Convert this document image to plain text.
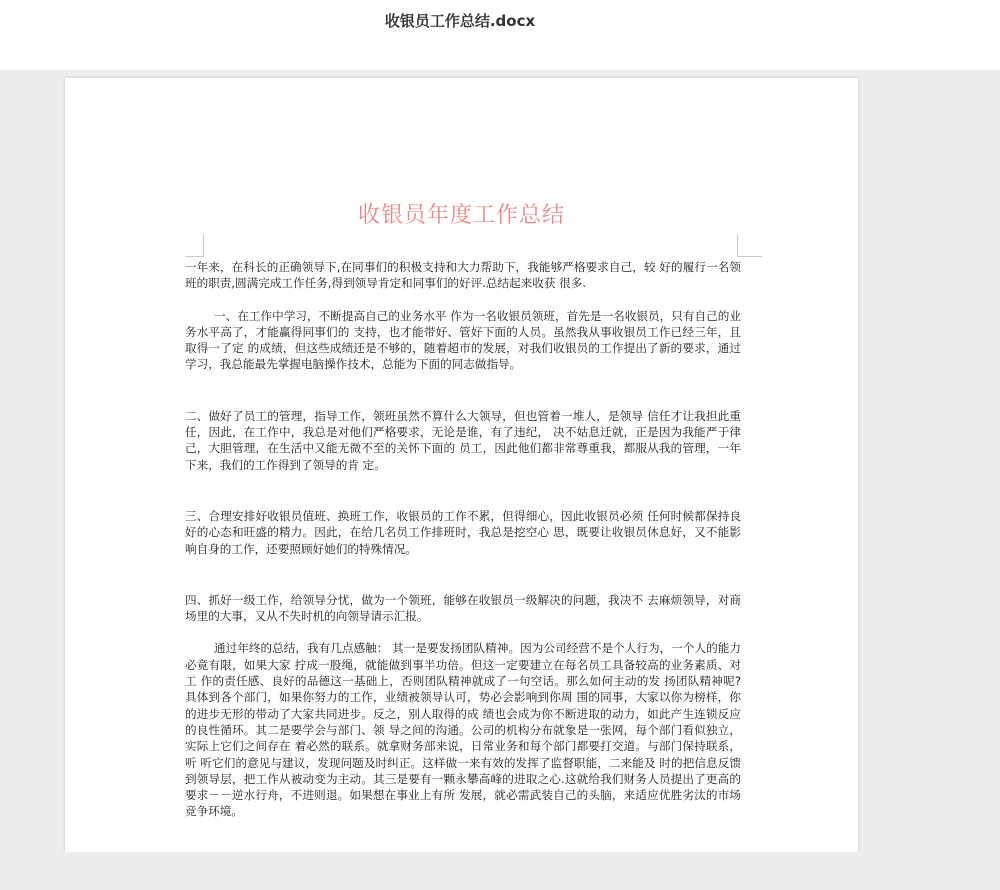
收银员工作总结.docx
收银员年度工作总结

一年来，在科长的正确领导下,在同事们的积极支持和大力帮助下，我能够严格要求自己，较 好的履行一名领班的职责,圆满完成工作任务,得到领导肯定和同事们的好评.总结起来收获 很多.

一、在工作中学习，不断提高自己的业务水平 作为一名收银员领班，首先是一名收银员，只有自己的业务水平高了，才能赢得同事们的 支持，也才能带好、管好下面的人员。虽然我从事收银员工作已经三年，且取得一了定 的成绩，但这些成绩还是不够的，随着超市的发展，对我们收银员的工作提出了新的要求，通过学习，我总能最先掌握电脑操作技术，总能为下面的同志做指导。

二、做好了员工的管理，指导工作，领班虽然不算什么大领导，但也管着一堆人，是领导 信任才让我担此重任，因此，在工作中，我总是对他们严格要求，无论是谁，有了违纪， 决不姑息迁就，正是因为我能严于律己，大胆管理，在生活中又能无微不至的关怀下面的 员工，因此他们都非常尊重我，都服从我的管理，一年下来，我们的工作得到了领导的肯 定。

三、合理安排好收银员值班、换班工作，收银员的工作不累，但得细心，因此收银员必须 任何时候都保持良好的心态和旺盛的精力。因此，在给几名员工作排班时，我总是挖空心 思，既要让收银员休息好，又不能影响自身的工作，还要照顾好她们的特殊情况。

四、抓好一级工作，给领导分忧，做为一个领班，能够在收银员一级解决的问题，我决不 去麻烦领导，对商场里的大事，又从不失时机的向领导请示汇报。

通过年终的总结，我有几点感触： 其一是要发扬团队精神。因为公司经营不是个人行为，一个人的能力必竟有限，如果大家 拧成一股绳，就能做到事半功倍。但这一定要建立在每名员工具备较高的业务素质、对工 作的责任感、良好的品德这一基础上，否则团队精神就成了一句空话。那么如何主动的发 扬团队精神呢?具体到各个部门，如果你努力的工作，业绩被领导认可，势必会影响到你周 围的同事，大家以你为榜样，你的进步无形的带动了大家共同进步。反之，别人取得的成 绩也会成为你不断进取的动力，如此产生连锁反应的良性循环。其二是要学会与部门、领 导之间的沟通。公司的机构分布就象是一张网，每个部门看似独立，实际上它们之间存在 着必然的联系。就拿财务部来说，日常业务和每个部门都要打交道。与部门保持联系，听 听它们的意见与建议，发现问题及时纠正。这样做一来有效的发挥了监督职能，二来能及 时的把信息反馈到领导层，把工作从被动变为主动。其三是要有一颗永攀高峰的进取之心.这就给我们财务人员提出了更高的要求－－逆水行舟，不进则退。如果想在事业上有所 发展，就必需武装自己的头脑，来适应优胜劣汰的市场竞争环境。
